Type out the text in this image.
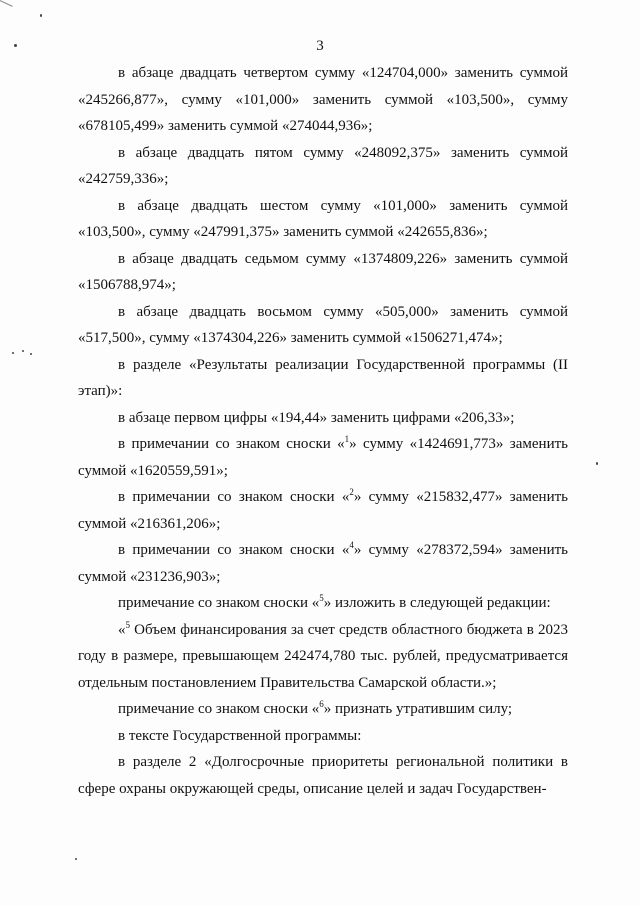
3

в абзаце двадцать четвертом сумму «124704,000» заменить суммой «245266,877», сумму «101,000» заменить суммой «103,500», сумму «678105,499» заменить суммой «274044,936»;

в абзаце двадцать пятом сумму «248092,375» заменить суммой «242759,336»;

в абзаце двадцать шестом сумму «101,000» заменить суммой «103,500», сумму «247991,375» заменить суммой «242655,836»;

в абзаце двадцать седьмом сумму «1374809,226» заменить суммой «1506788,974»;

в абзаце двадцать восьмом сумму «505,000» заменить суммой «517,500», сумму «1374304,226» заменить суммой «1506271,474»;

в разделе «Результаты реализации Государственной программы (II этап)»:

в абзаце первом цифры «194,44» заменить цифрами «206,33»;

в примечании со знаком сноски «$^1$» сумму «1424691,773» заменить суммой «1620559,591»;

в примечании со знаком сноски «$^2$» сумму «215832,477» заменить суммой «216361,206»;

в примечании со знаком сноски «$^4$» сумму «278372,594» заменить суммой «231236,903»;

примечание со знаком сноски «$^5$» изложить в следующей редакции:

«$^5$ Объем финансирования за счет средств областного бюджета в 2023 году в размере, превышающем 242474,780 тыс. рублей, предусматривается отдельным постановлением Правительства Самарской области.»;

примечание со знаком сноски «$^6$» признать утратившим силу;

в тексте Государственной программы:

в разделе 2 «Долгосрочные приоритеты региональной политики в сфере охраны окружающей среды, описание целей и задач Государствен-
